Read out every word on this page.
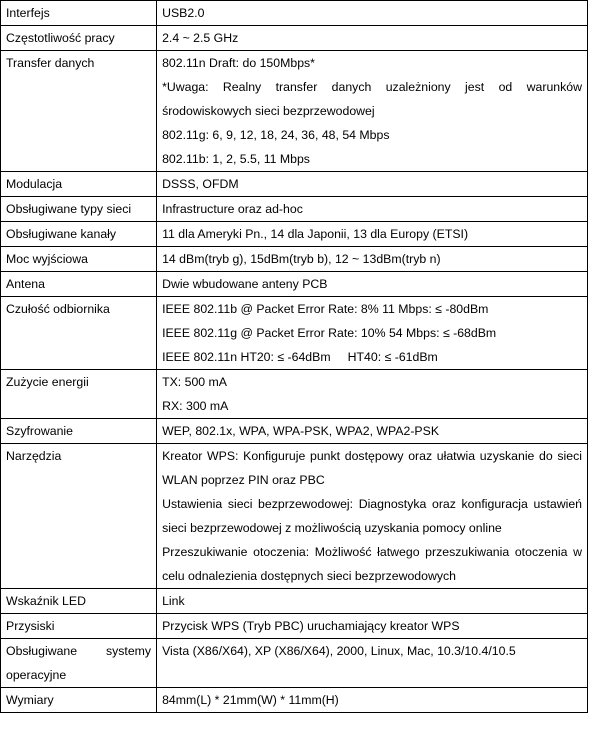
Interfejs	USB2.0

Częstotliwość pracy	2.4 ~ 2.5 GHz

Transfer danych	802.11n Draft: do 150Mbps*
*Uwaga: Realny transfer danych uzależniony jest od warunków środowiskowych sieci bezprzewodowej
802.11g: 6, 9, 12, 18, 24, 36, 48, 54 Mbps
802.11b: 1, 2, 5.5, 11 Mbps

Modulacja	DSSS, OFDM

Obsługiwane typy sieci	Infrastructure oraz ad-hoc

Obsługiwane kanały	11 dla Ameryki Pn., 14 dla Japonii, 13 dla Europy (ETSI)

Moc wyjściowa	14 dBm(tryb g), 15dBm(tryb b), 12 ~ 13dBm(tryb n)

Antena	Dwie wbudowane anteny PCB

Czułość odbiornika	IEEE 802.11b @ Packet Error Rate: 8% 11 Mbps: ≤ -80dBm
IEEE 802.11g @ Packet Error Rate: 10% 54 Mbps: ≤ -68dBm
IEEE 802.11n HT20: ≤ -64dBm     HT40: ≤ -61dBm

Zużycie energii	TX: 500 mA
RX: 300 mA

Szyfrowanie	WEP, 802.1x, WPA, WPA-PSK, WPA2, WPA2-PSK

Narzędzia	Kreator WPS: Konfiguruje punkt dostępowy oraz ułatwia uzyskanie do sieci WLAN poprzez PIN oraz PBC
Ustawienia sieci bezprzewodowej: Diagnostyka oraz konfiguracja ustawień sieci bezprzewodowej z możliwością uzyskania pomocy online
Przeszukiwanie otoczenia: Możliwość łatwego przeszukiwania otoczenia w celu odnalezienia dostępnych sieci bezprzewodowych

Wskaźnik LED	Link

Przysiski	Przycisk WPS (Tryb PBC) uruchamiający kreator WPS

Obsługiwane systemy operacyjne	Vista (X86/X64), XP (X86/X64), 2000, Linux, Mac, 10.3/10.4/10.5

Wymiary	84mm(L) * 21mm(W) * 11mm(H)
